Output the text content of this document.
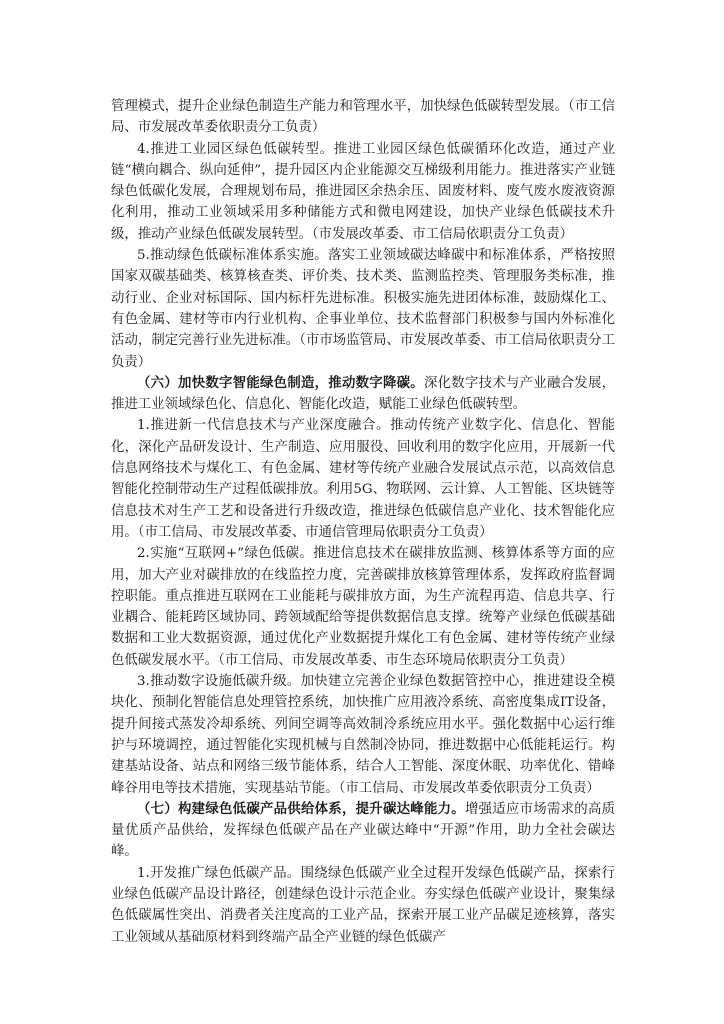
管理模式，提升企业绿色制造生产能力和管理水平，加快绿色低碳转型发展。（市工信局、市发展改革委依职责分工负责）

4.推进工业园区绿色低碳转型。推进工业园区绿色低碳循环化改造，通过产业链“横向耦合、纵向延伸”，提升园区内企业能源交互梯级利用能力。推进落实产业链绿色低碳化发展，合理规划布局，推进园区余热余压、固废材料、废气废水废液资源化利用，推动工业领域采用多种储能方式和微电网建设，加快产业绿色低碳技术升级，推动产业绿色低碳发展转型。（市发展改革委、市工信局依职责分工负责）

5.推动绿色低碳标准体系实施。落实工业领域碳达峰碳中和标准体系，严格按照国家双碳基础类、核算核查类、评价类、技术类、监测监控类、管理服务类标准，推动行业、企业对标国际、国内标杆先进标准。积极实施先进团体标准，鼓励煤化工、有色金属、建材等市内行业机构、企事业单位、技术监督部门积极参与国内外标准化活动，制定完善行业先进标准。（市市场监管局、市发展改革委、市工信局依职责分工负责）

（六）加快数字智能绿色制造，推动数字降碳。深化数字技术与产业融合发展，推进工业领域绿色化、信息化、智能化改造，赋能工业绿色低碳转型。

1.推进新一代信息技术与产业深度融合。推动传统产业数字化、信息化、智能化，深化产品研发设计、生产制造、应用服役、回收利用的数字化应用，开展新一代信息网络技术与煤化工、有色金属、建材等传统产业融合发展试点示范，以高效信息智能化控制带动生产过程低碳排放。利用5G、物联网、云计算、人工智能、区块链等信息技术对生产工艺和设备进行升级改造，推进绿色低碳信息产业化、技术智能化应用。（市工信局、市发展改革委、市通信管理局依职责分工负责）

2.实施“互联网+”绿色低碳。推进信息技术在碳排放监测、核算体系等方面的应用，加大产业对碳排放的在线监控力度，完善碳排放核算管理体系，发挥政府监督调控职能。重点推进互联网在工业能耗与碳排放方面，为生产流程再造、信息共享、行业耦合、能耗跨区域协同、跨领域配给等提供数据信息支撑。统筹产业绿色低碳基础数据和工业大数据资源，通过优化产业数据提升煤化工有色金属、建材等传统产业绿色低碳发展水平。（市工信局、市发展改革委、市生态环境局依职责分工负责）

3.推动数字设施低碳升级。加快建立完善企业绿色数据管控中心，推进建设全模块化、预制化智能信息处理管控系统，加快推广应用液冷系统、高密度集成IT设备，提升间接式蒸发冷却系统、列间空调等高效制冷系统应用水平。强化数据中心运行维护与环境调控，通过智能化实现机械与自然制冷协同，推进数据中心低能耗运行。构建基站设备、站点和网络三级节能体系，结合人工智能、深度休眠、功率优化、错峰峰谷用电等技术措施，实现基站节能。（市工信局、市发展改革委依职责分工负责）

（七）构建绿色低碳产品供给体系，提升碳达峰能力。增强适应市场需求的高质量优质产品供给，发挥绿色低碳产品在产业碳达峰中“开源”作用，助力全社会碳达峰。

1.开发推广绿色低碳产品。围绕绿色低碳产业全过程开发绿色低碳产品，探索行业绿色低碳产品设计路径，创建绿色设计示范企业。夯实绿色低碳产业设计，聚集绿色低碳属性突出、消费者关注度高的工业产品，探索开展工业产品碳足迹核算，落实工业领域从基础原材料到终端产品全产业链的绿色低碳产
